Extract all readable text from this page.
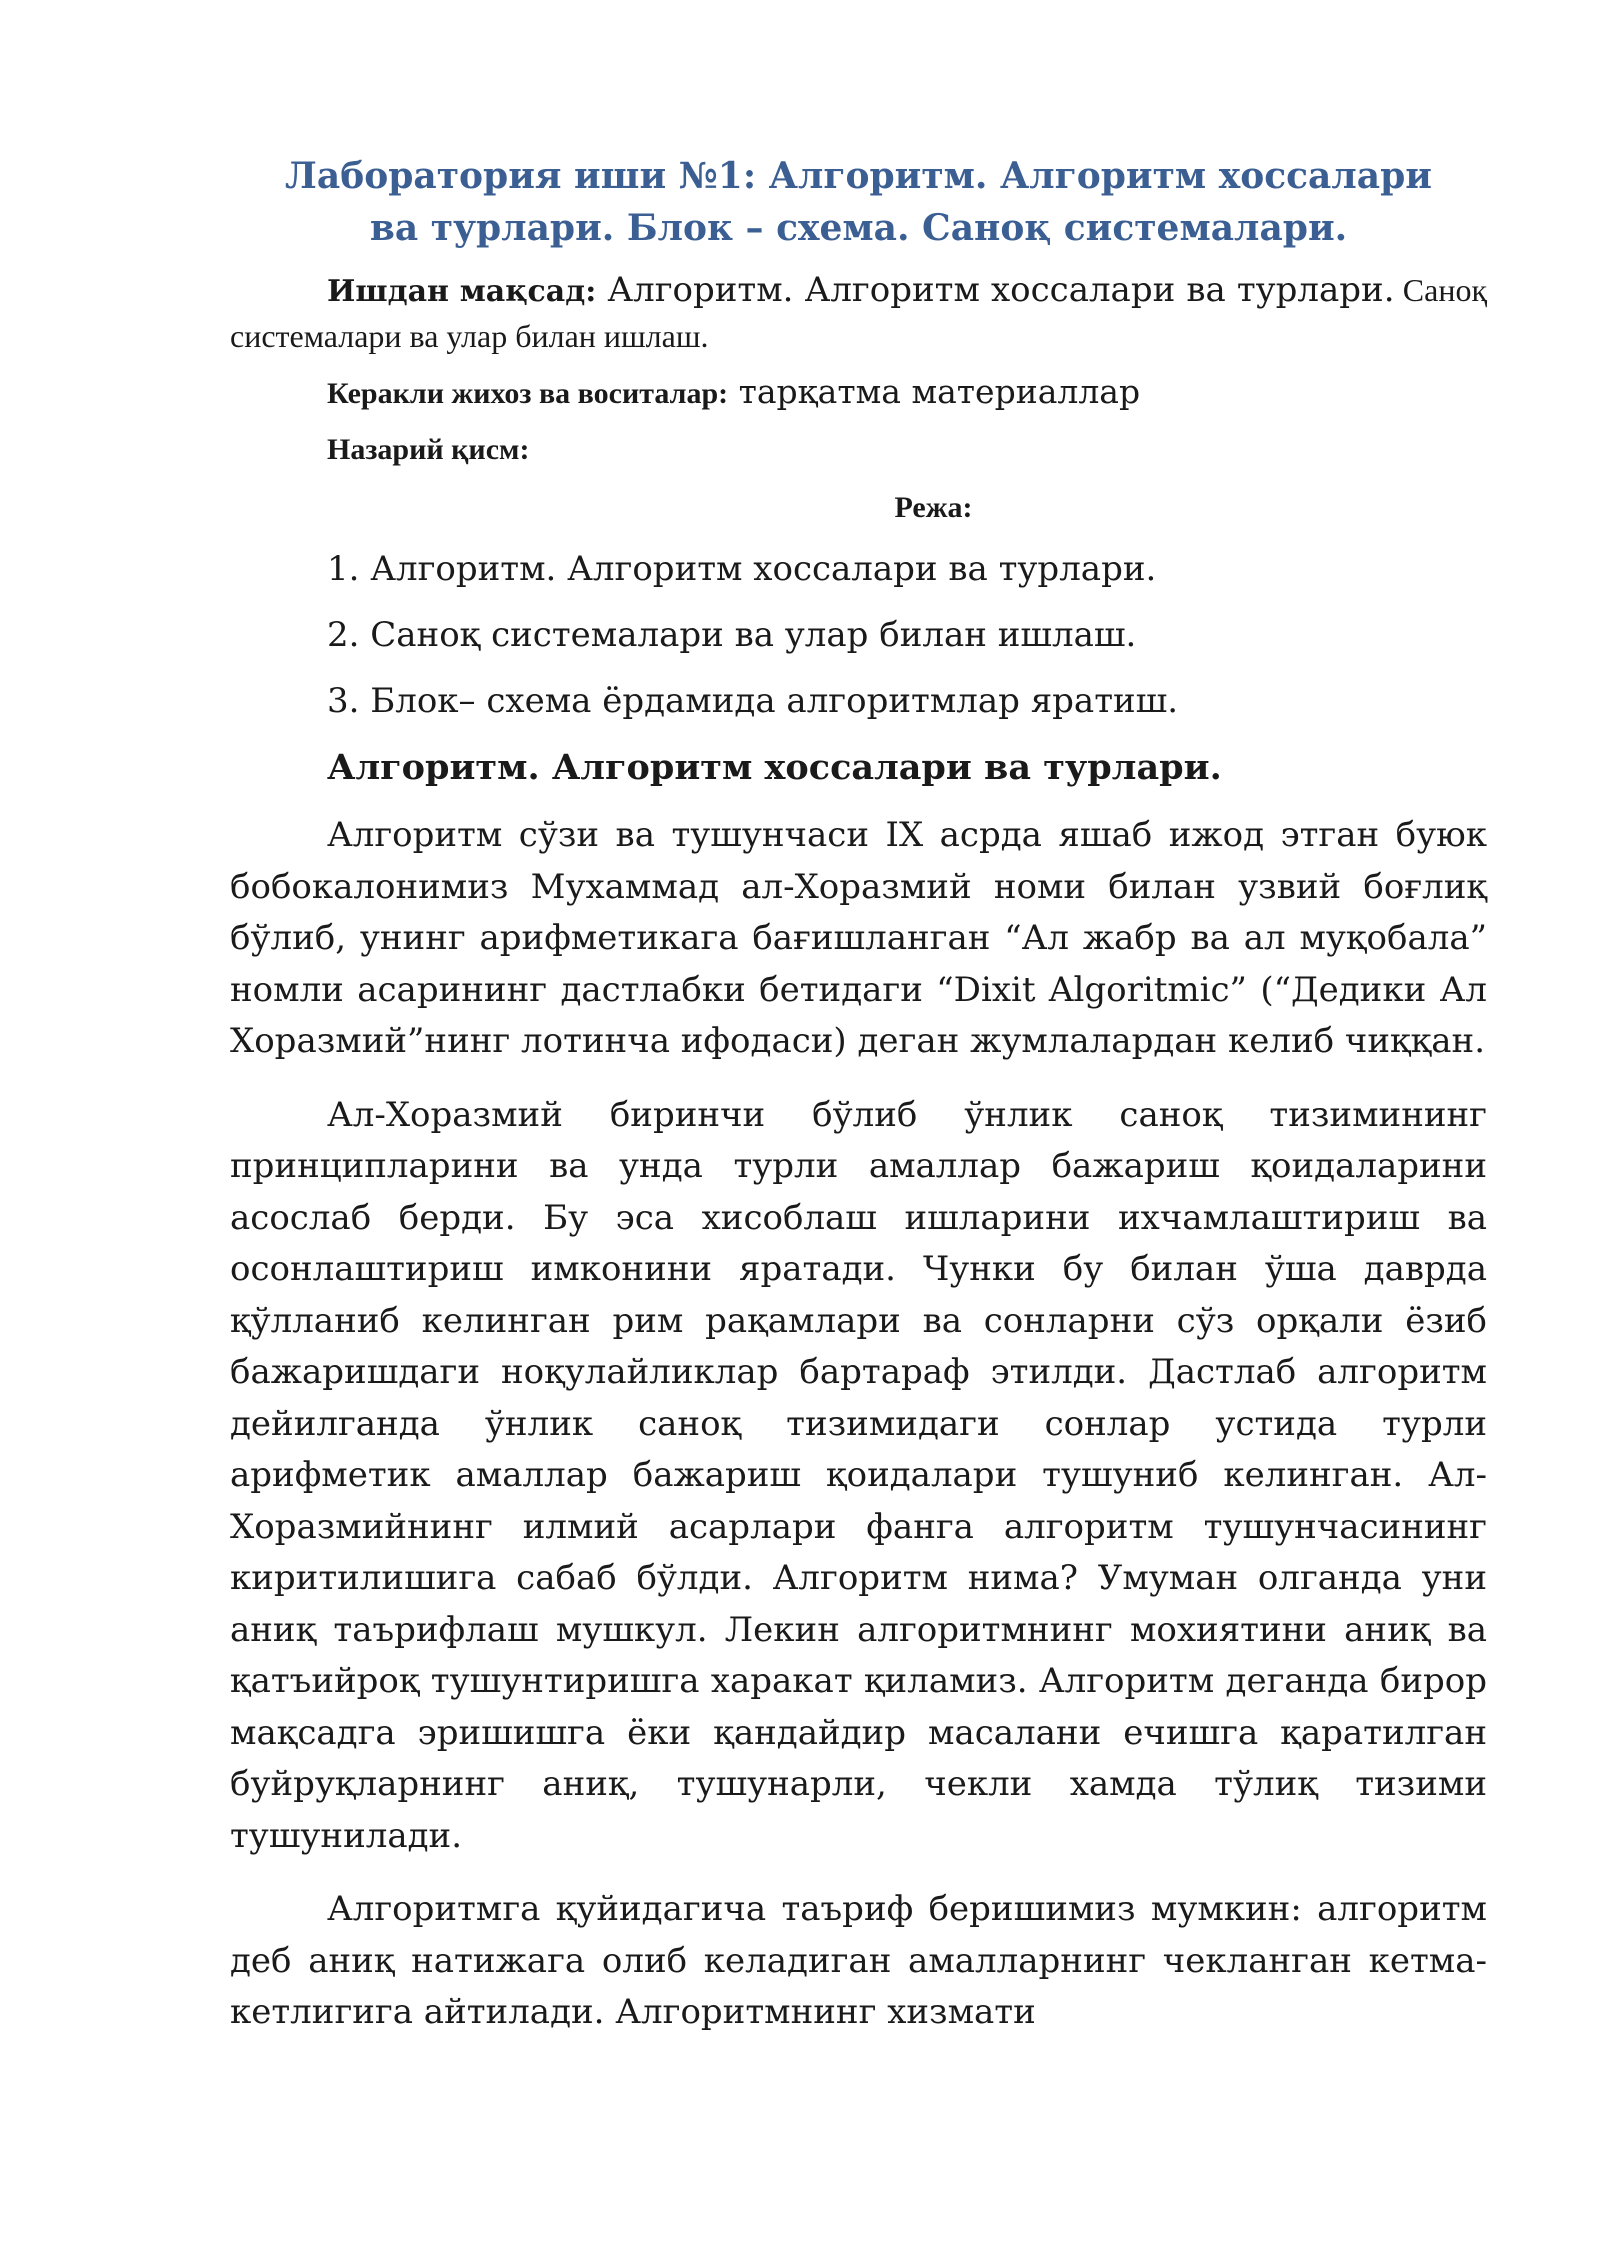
Лаборатория иши №1: Алгоритм. Алгоритм хоссалари ва турлари. Блок – схема. Саноқ системалари.

Ишдан мақсад: Алгоритм. Алгоритм хоссалари ва турлари. Саноқ системалари ва улар билан ишлаш.

Керакли жихоз ва воситалар: тарқатма материаллар

Назарий қисм:

Режа:

1. Алгоритм. Алгоритм хоссалари ва турлари.

2. Саноқ системалари ва улар билан ишлаш.

3. Блок– схема ёрдамида алгоритмлар яратиш.

Алгоритм. Алгоритм хоссалари ва турлари.

Алгоритм сўзи ва тушунчаси IX асрда яшаб ижод этган буюк бобокалонимиз Мухаммад ал-Хоразмий номи билан узвий боғлиқ бўлиб, унинг арифметикага бағишланган “Ал жабр ва ал муқобала” номли асарининг дастлабки бетидаги “Dixit Algoritmic” (“Дедики Ал Хоразмий”нинг лотинча ифодаси) деган жумлалардан келиб чиққан.

Ал-Хоразмий биринчи бўлиб ўнлик саноқ тизимининг принципларини ва унда турли амаллар бажариш қоидаларини асослаб берди. Бу эса хисоблаш ишларини ихчамлаштириш ва осонлаштириш имконини яратади. Чунки бу билан ўша даврда қўлланиб келинган рим рақамлари ва сонларни сўз орқали ёзиб бажаришдаги ноқулайликлар бартараф этилди. Дастлаб алгоритм дейилганда ўнлик саноқ тизимидаги сонлар устида турли арифметик амаллар бажариш қоидалари тушуниб келинган. Ал-Хоразмийнинг илмий асарлари фанга алгоритм тушунчасининг киритилишига сабаб бўлди. Алгоритм нима? Умуман олганда уни аниқ таърифлаш мушкул. Лекин алгоритмнинг мохиятини аниқ ва қатъийроқ тушунтиришга харакат қиламиз. Алгоритм деганда бирор мақсадга эришишга ёки қандайдир масалани ечишга қаратилган буйруқларнинг аниқ, тушунарли, чекли хамда тўлиқ тизими тушунилади.

Алгоритмга қуйидагича таъриф беришимиз мумкин: алгоритм деб аниқ натижага олиб келадиган амалларнинг чекланган кетма-кетлигига айтилади. Алгоритмнинг хизмати
